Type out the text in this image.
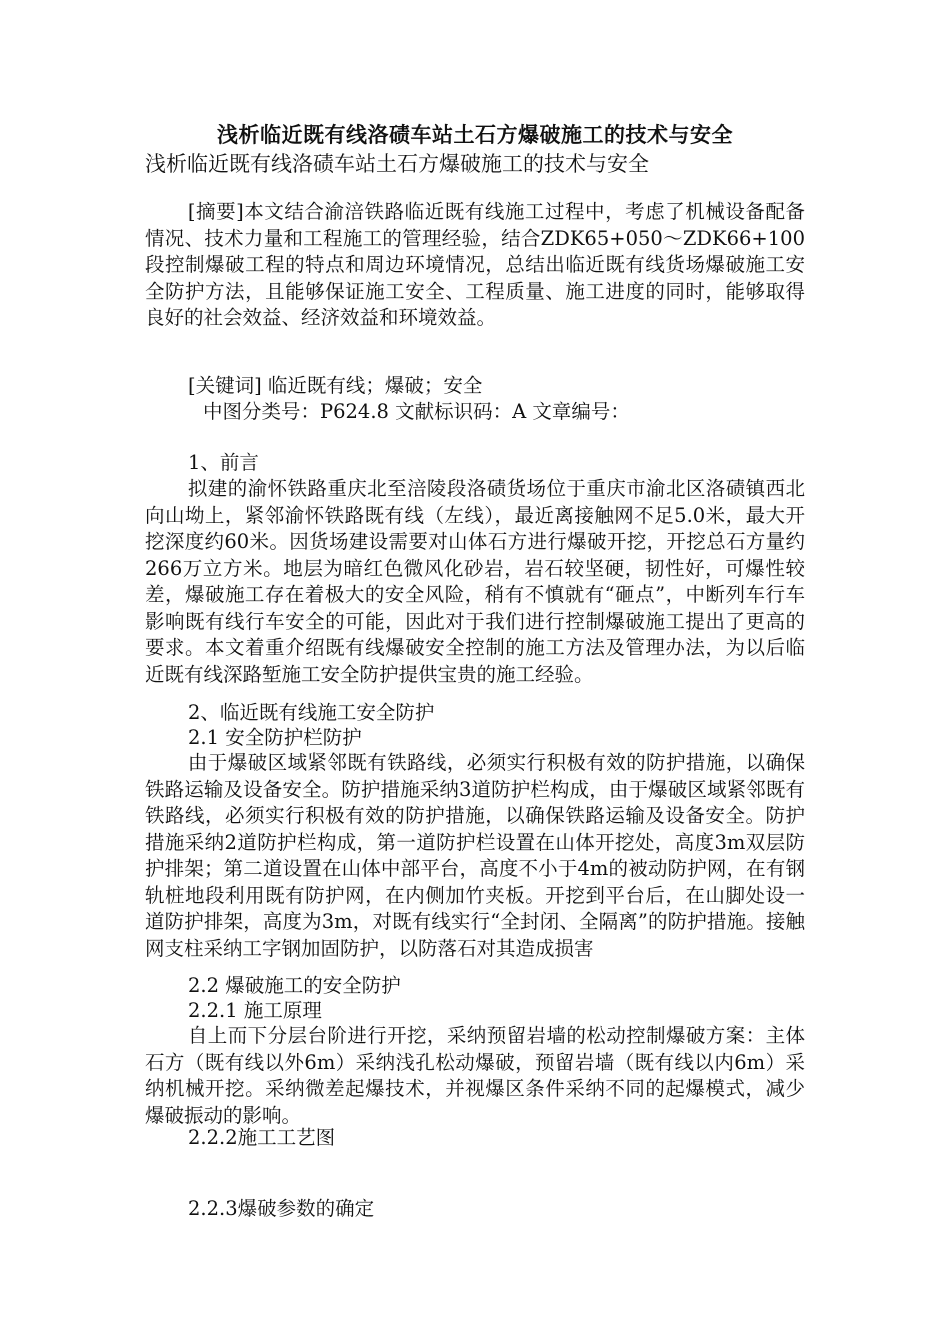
浅析临近既有线洛碛车站土石方爆破施工的技术与安全
浅析临近既有线洛碛车站土石方爆破施工的技术与安全

[摘要]本文结合渝涪铁路临近既有线施工过程中，考虑了机械设备配备情况、技术力量和工程施工的管理经验，结合ZDK65+050～ZDK66+100段控制爆破工程的特点和周边环境情况，总结出临近既有线货场爆破施工安全防护方法，且能够保证施工安全、工程质量、施工进度的同时，能够取得良好的社会效益、经济效益和环境效益。

[关键词] 临近既有线；爆破；安全

中图分类号：P624.8 文献标识码：A 文章编号：

1、前言

拟建的渝怀铁路重庆北至涪陵段洛碛货场位于重庆市渝北区洛碛镇西北向山坳上，紧邻渝怀铁路既有线（左线），最近离接触网不足5.0米，最大开挖深度约60米。因货场建设需要对山体石方进行爆破开挖，开挖总石方量约266万立方米。地层为暗红色微风化砂岩，岩石较坚硬，韧性好，可爆性较差，爆破施工存在着极大的安全风险，稍有不慎就有“砸点”，中断列车行车影响既有线行车安全的可能，因此对于我们进行控制爆破施工提出了更高的要求。本文着重介绍既有线爆破安全控制的施工方法及管理办法，为以后临近既有线深路堑施工安全防护提供宝贵的施工经验。

2、临近既有线施工安全防护

2.1 安全防护栏防护

由于爆破区域紧邻既有铁路线，必须实行积极有效的防护措施，以确保铁路运输及设备安全。防护措施采纳3道防护栏构成，由于爆破区域紧邻既有铁路线，必须实行积极有效的防护措施，以确保铁路运输及设备安全。防护措施采纳2道防护栏构成，第一道防护栏设置在山体开挖处，高度3m双层防护排架；第二道设置在山体中部平台，高度不小于4m的被动防护网，在有钢轨桩地段利用既有防护网，在内侧加竹夹板。开挖到平台后，在山脚处设一道防护排架，高度为3m，对既有线实行“全封闭、全隔离”的防护措施。接触网支柱采纳工字钢加固防护，以防落石对其造成损害

2.2 爆破施工的安全防护

2.2.1 施工原理

自上而下分层台阶进行开挖，采纳预留岩墙的松动控制爆破方案：主体石方（既有线以外6m）采纳浅孔松动爆破，预留岩墙（既有线以内6m）采纳机械开挖。采纳微差起爆技术，并视爆区条件采纳不同的起爆模式，减少爆破振动的影响。

2.2.2施工工艺图

2.2.3爆破参数的确定
